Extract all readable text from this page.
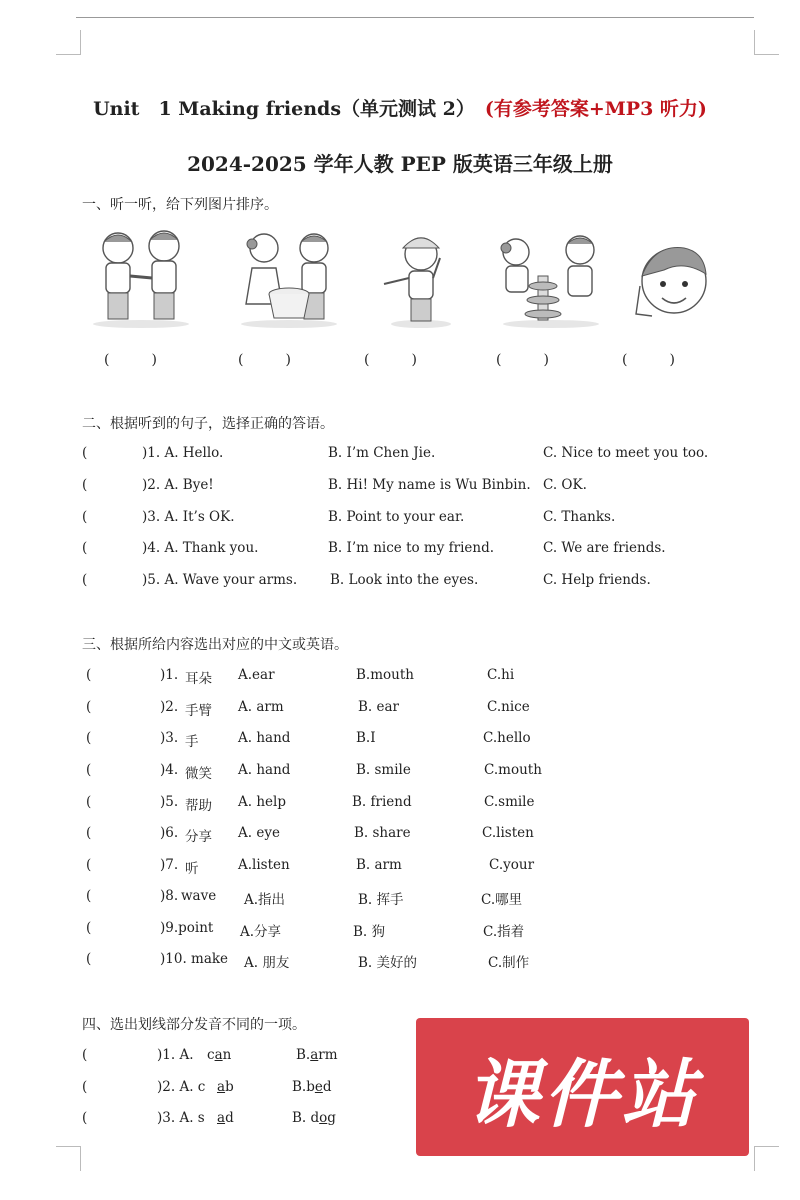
Unit　1 Making friends（单元测试 2） (有参考答案+MP3 听力)
2024-2025 学年人教 PEP 版英语三年级上册
一、听一听，给下列图片排序。
(　　　)	(　　　)	(　　　)	(　　　)	(　　　)
二、根据听到的句子，选择正确的答语。
(	)1. A. Hello.	B. I’m Chen Jie.	C. Nice to meet you too.
(	)2. A. Bye!	B. Hi! My name is Wu Binbin. C. OK.
(	)3. A. It’s OK.	B. Point to your ear.	C. Thanks.
(	)4. A. Thank you.	B. I’m nice to my friend.	C. We are friends.
(	)5. A. Wave your arms. B. Look into the eyes.	C. Help friends.
三、根据所给内容选出对应的中文或英语。
(	)1. 耳朵 A.ear	B.mouth	C.hi
(	)2. 手臂 A. arm	B. ear	C.nice
(	)3. 手	A. hand	B.I	C.hello
(	)4. 微笑 A. hand	B. smile	C.mouth
(	)5. 帮助 A. help	B. friend	C.smile
(	)6. 分享 A. eye	B. share	C.listen
(	)7. 听	A.listen	B. arm	C.your
(	)8. wave A.指出	B. 挥手	C.哪里
(	)9.point A.分享	B. 狗	C.指着
(	)10. make A. 朋友	B. 美好的	C.制作
四、选出划线部分发音不同的一项。
(	)1. A. can	B.arm
(	)2. A. c ab	B.bed
(	)3. A. s ad	B. dog	课件站
